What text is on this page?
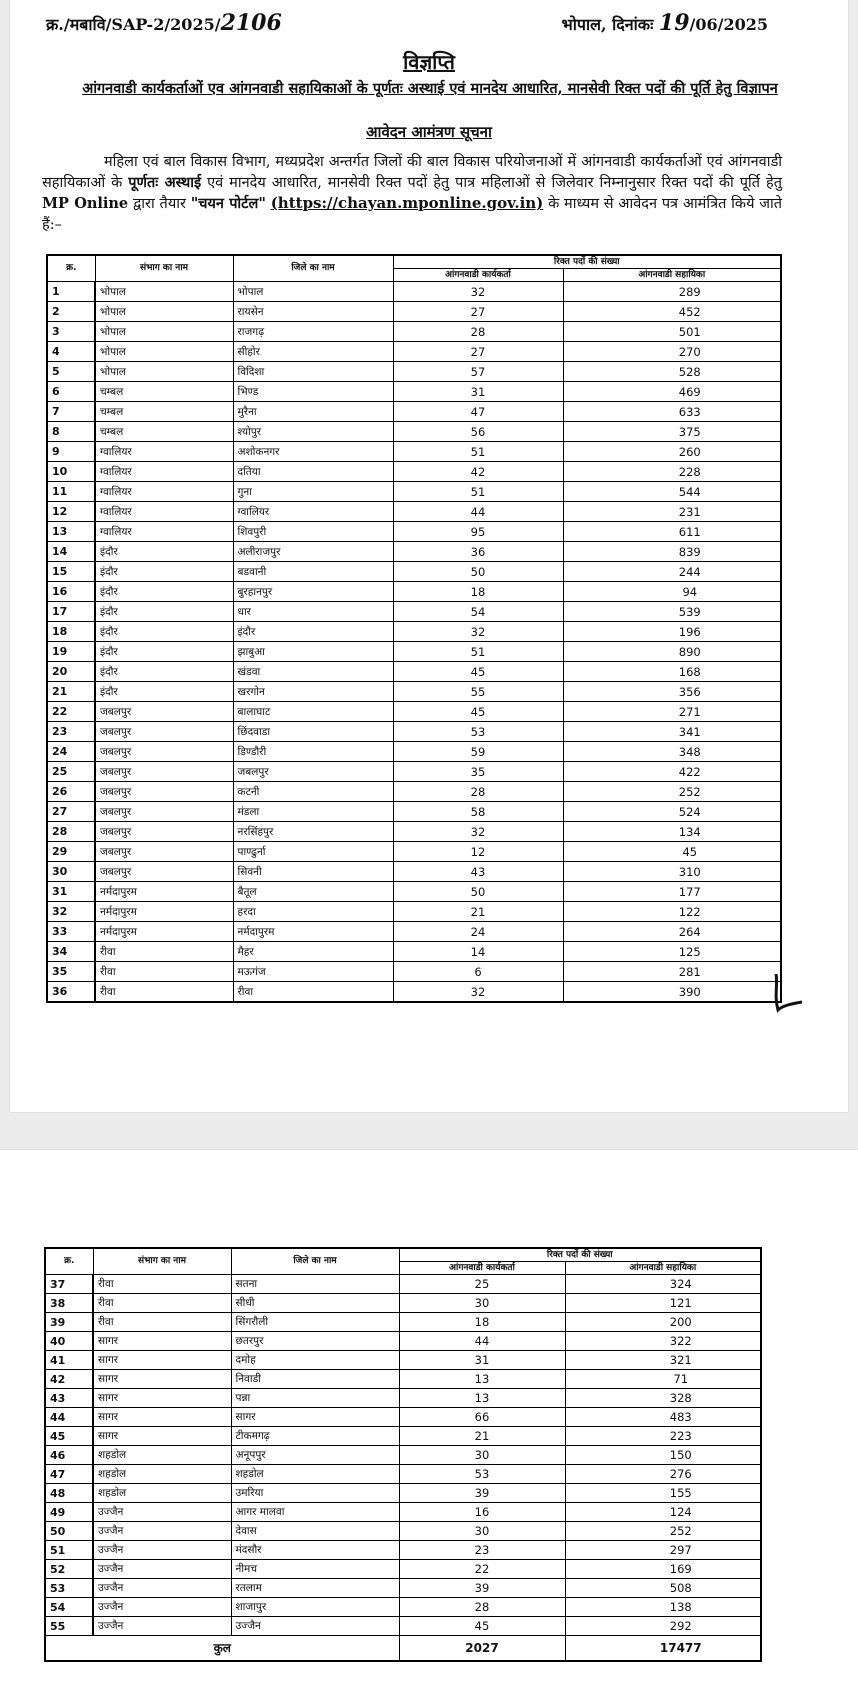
क्र./मबावि/SAP-2/2025/2106	भोपाल, दिनांकः 19/06/2025
विज्ञप्ति
आंगनवाडी कार्यकर्ताओं एव आंगनवाडी सहायिकाओं के पूर्णतः अस्थाई एवं मानदेय आधारित, मानसेवी रिक्त पदों की पूर्ति हेतु विज्ञापन
आवेदन आमंत्रण सूचना
महिला एवं बाल विकास विभाग, मध्यप्रदेश अन्तर्गत जिलों की बाल विकास परियोजनाओं में आंगनवाडी कार्यकर्ताओं एवं आंगनवाडी सहायिकाओं के पूर्णतः अस्थाई एवं मानदेय आधारित, मानसेवी रिक्त पदों हेतु पात्र महिलाओं से जिलेवार निम्नानुसार रिक्त पदों की पूर्ति हेतु MP Online द्वारा तैयार "चयन पोर्टल" (https://chayan.mponline.gov.in) के माध्यम से आवेदन पत्र आमंत्रित किये जाते हैं:–
क्र.	संभाग का नाम	जिले का नाम	रिक्त पदों की संख्या	
			आंगनवाडी कार्यकर्ता	आंगनवाडी सहायिका
1	भोपाल	भोपाल	32	289
2	भोपाल	रायसेन	27	452
3	भोपाल	राजगढ़	28	501
4	भोपाल	सीहोर	27	270
5	भोपाल	विदिशा	57	528
6	चम्बल	भिण्ड	31	469
7	चम्बल	मुरैना	47	633
8	चम्बल	श्योपुर	56	375
9	ग्वालियर	अशोकनगर	51	260
10	ग्वालियर	दतिया	42	228
11	ग्वालियर	गुना	51	544
12	ग्वालियर	ग्वालियर	44	231
13	ग्वालियर	शिवपुरी	95	611
14	इंदौर	अलीराजपुर	36	839
15	इंदौर	बडवानी	50	244
16	इंदौर	बुरहानपुर	18	94
17	इंदौर	धार	54	539
18	इंदौर	इंदौर	32	196
19	इंदौर	झाबुआ	51	890
20	इंदौर	खंडवा	45	168
21	इंदौर	खरगोन	55	356
22	जबलपुर	बालाघाट	45	271
23	जबलपुर	छिंदवाडा	53	341
24	जबलपुर	डिण्डौरी	59	348
25	जबलपुर	जबलपुर	35	422
26	जबलपुर	कटनी	28	252
27	जबलपुर	मंडला	58	524
28	जबलपुर	नरसिंहपुर	32	134
29	जबलपुर	पाण्ढुर्ना	12	45
30	जबलपुर	सिवनी	43	310
31	नर्मदापुरम	बैतूल	50	177
32	नर्मदापुरम	हरदा	21	122
33	नर्मदापुरम	नर्मदापुरम	24	264
34	रीवा	मैहर	14	125
35	रीवा	मऊगंज	6	281
36	रीवा	रीवा	32	390
क्र.	संभाग का नाम	जिले का नाम	रिक्त पदों की संख्या	
			आंगनवाडी कार्यकर्ता	आंगनवाडी सहायिका
37	रीवा	सतना	25	324
38	रीवा	सीधी	30	121
39	रीवा	सिंगरौली	18	200
40	सागर	छतरपुर	44	322
41	सागर	दमोह	31	321
42	सागर	निवाडी	13	71
43	सागर	पन्ना	13	328
44	सागर	सागर	66	483
45	सागर	टीकमगढ़	21	223
46	शहडोल	अनूपपुर	30	150
47	शहडोल	शहडोल	53	276
48	शहडोल	उमरिया	39	155
49	उज्जैन	आगर मालवा	16	124
50	उज्जैन	देवास	30	252
51	उज्जैन	मंदसौर	23	297
52	उज्जैन	नीमच	22	169
53	उज्जैन	रतलाम	39	508
54	उज्जैन	शाजापुर	28	138
55	उज्जैन	उज्जैन	45	292
कुल			2027	17477
